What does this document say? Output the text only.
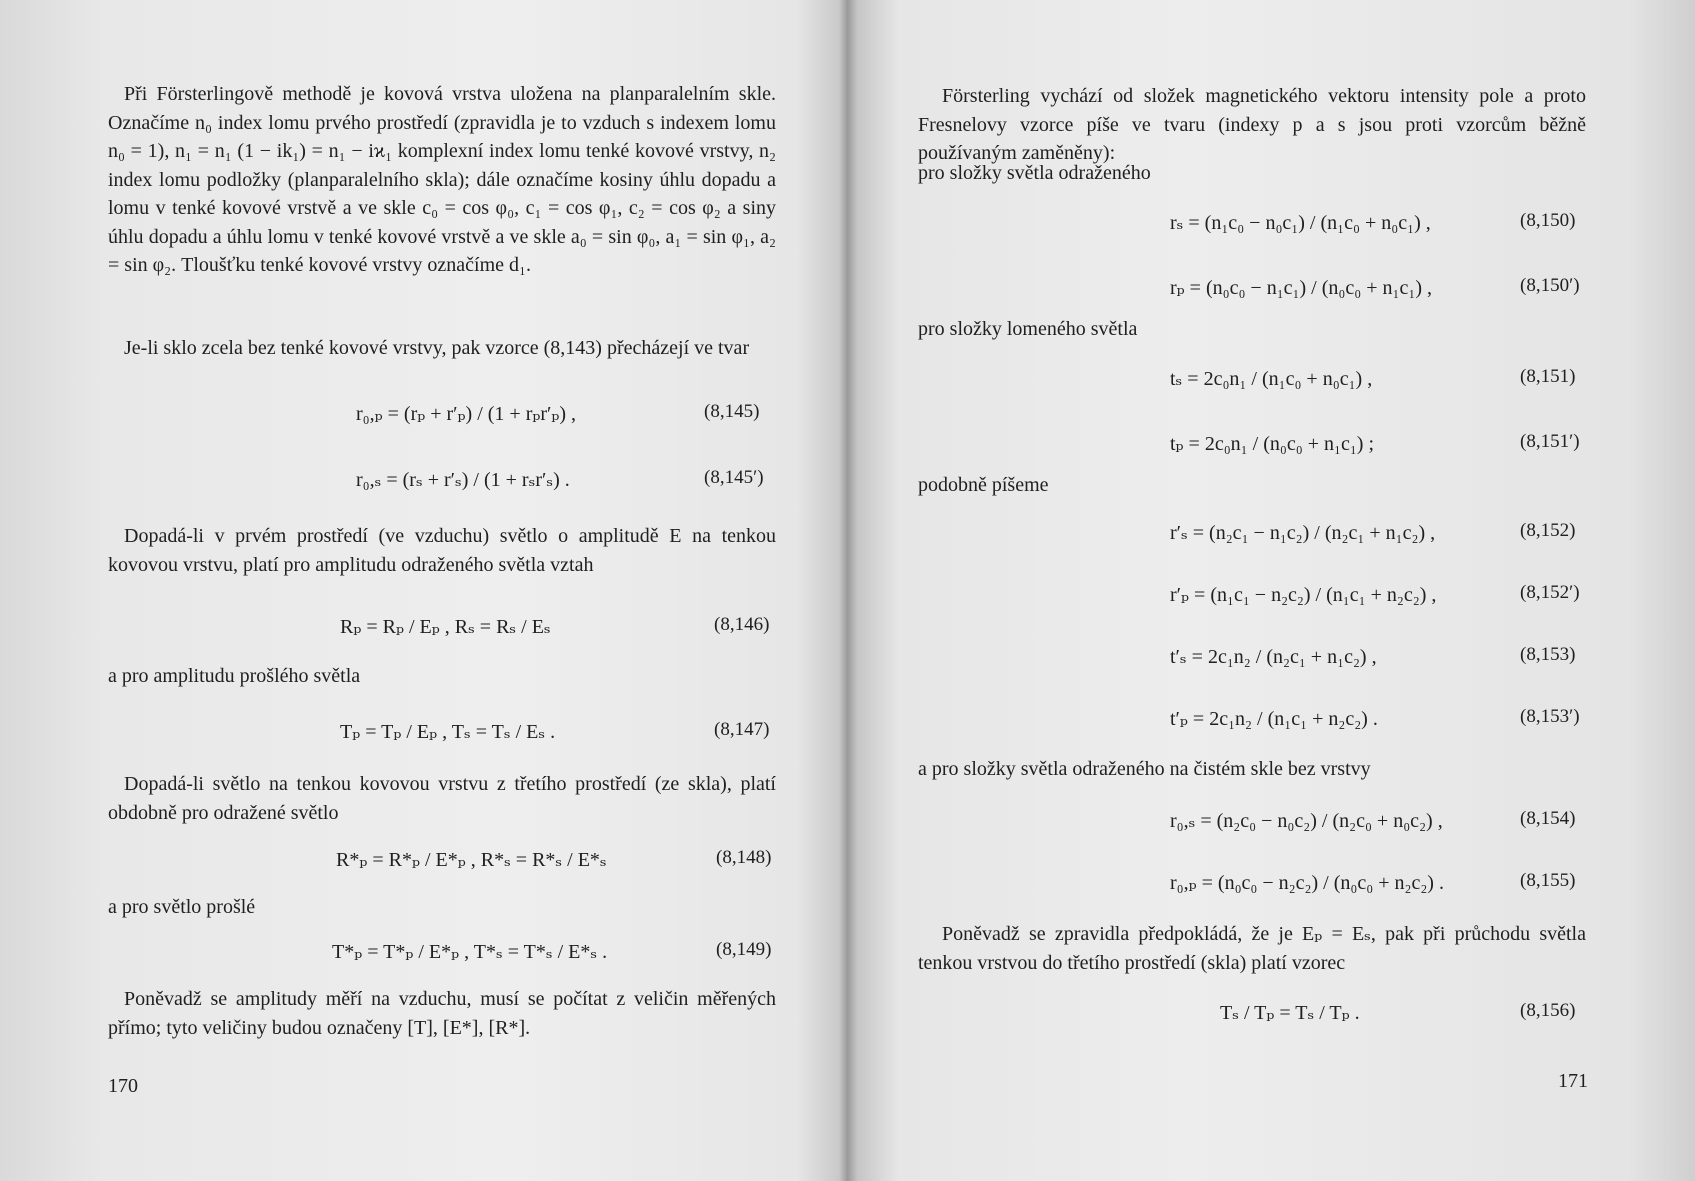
Při Försterlingově methodě je kovová vrstva uložena na planparalelním skle. Označíme n₀ index lomu prvého prostředí (zpravidla je to vzduch s indexem lomu n₀ = 1), n₁ = n₁ (1 − ik₁) = n₁ − iϰ₁ komplexní index lomu tenké kovové vrstvy, n₂ index lomu podložky (planparalelního skla); dále označíme kosiny úhlu dopadu a lomu v tenké kovové vrstvě a ve skle c₀ = cos φ₀, c₁ = cos φ₁, c₂ = cos φ₂ a siny úhlu dopadu a úhlu lomu v tenké kovové vrstvě a ve skle a₀ = sin φ₀, a₁ = sin φ₁, a₂ = sin φ₂. Tloušťku tenké kovové vrstvy označíme d₁.

Je-li sklo zcela bez tenké kovové vrstvy, pak vzorce (8,143) přecházejí ve tvar

r₀,ₚ = (rₚ + r′ₚ) / (1 + rₚr′ₚ) ,	(8,145)
r₀,ₛ = (rₛ + r′ₛ) / (1 + rₛr′ₛ) .	(8,145′)

Dopadá-li v prvém prostředí (ve vzduchu) světlo o amplitudě E na tenkou kovovou vrstvu, platí pro amplitudu odraženého světla vztah

Rₚ = Rₚ / Eₚ , Rₛ = Rₛ / Eₛ	(8,146)
a pro amplitudu prošlého světla
Tₚ = Tₚ / Eₚ , Tₛ = Tₛ / Eₛ .	(8,147)

Dopadá-li světlo na tenkou kovovou vrstvu z třetího prostředí (ze skla), platí obdobně pro odražené světlo

R*ₚ = R*ₚ / E*ₚ , R*ₛ = R*ₛ / E*ₛ	(8,148)
a pro světlo prošlé
T*ₚ = T*ₚ / E*ₚ , T*ₛ = T*ₛ / E*ₛ .	(8,149)

Poněvadž se amplitudy měří na vzduchu, musí se počítat z veličin měřených přímo; tyto veličiny budou označeny [T], [E*], [R*].

170

Försterling vychází od složek magnetického vektoru intensity pole a proto Fresnelovy vzorce píše ve tvaru (indexy p a s jsou proti vzorcům běžně používaným zaměněny):

pro složky světla odraženého
rₛ = (n₁c₀ − n₀c₁) / (n₁c₀ + n₀c₁) ,	(8,150)
rₚ = (n₀c₀ − n₁c₁) / (n₀c₀ + n₁c₁) ,	(8,150′)
pro složky lomeného světla
tₛ = 2c₀n₁ / (n₁c₀ + n₀c₁) ,	(8,151)
tₚ = 2c₀n₁ / (n₀c₀ + n₁c₁) ;	(8,151′)
podobně píšeme
r′ₛ = (n₂c₁ − n₁c₂) / (n₂c₁ + n₁c₂) ,	(8,152)
r′ₚ = (n₁c₁ − n₂c₂) / (n₁c₁ + n₂c₂) ,	(8,152′)
t′ₛ = 2c₁n₂ / (n₂c₁ + n₁c₂) ,	(8,153)
t′ₚ = 2c₁n₂ / (n₁c₁ + n₂c₂) .	(8,153′)
a pro složky světla odraženého na čistém skle bez vrstvy
r₀,ₛ = (n₂c₀ − n₀c₂) / (n₂c₀ + n₀c₂) ,	(8,154)
r₀,ₚ = (n₀c₀ − n₂c₂) / (n₀c₀ + n₂c₂) .	(8,155)

Poněvadž se zpravidla předpokládá, že je Eₚ = Eₛ, pak při průchodu světla tenkou vrstvou do třetího prostředí (skla) platí vzorec

Tₛ / Tₚ = Tₛ / Tₚ .	(8,156)
171
